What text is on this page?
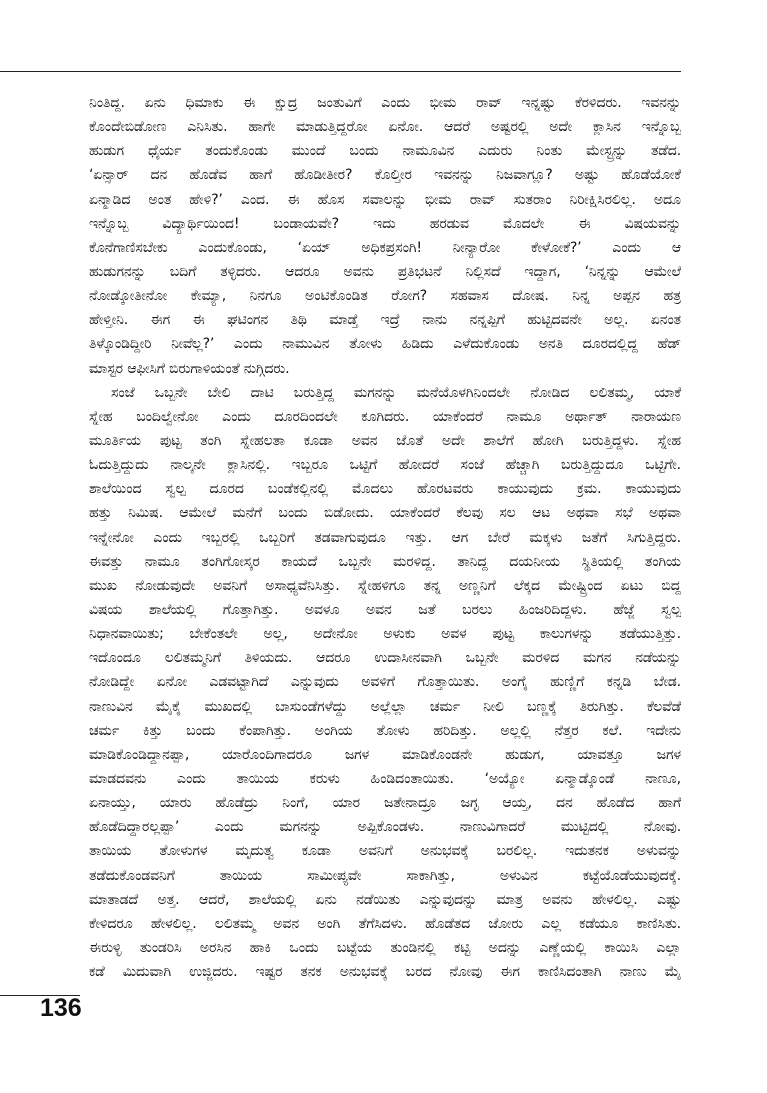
ನಿಂತಿದ್ದ. ಏನು ಧಿಮಾಕು ಈ ಕ್ಷುದ್ರ ಜಂತುವಿಗೆ ಎಂದು ಭೀಮ ರಾವ್ ಇನ್ನಷ್ಟು ಕೆರಳಿದರು. ಇವನನ್ನು
ಕೊಂದೇಬಿಡೋಣ ಎನಿಸಿತು. ಹಾಗೇ ಮಾಡುತ್ತಿದ್ದರೋ ಏನೋ. ಆದರೆ ಅಷ್ಟರಲ್ಲಿ ಅದೇ ಕ್ಲಾಸಿನ ಇನ್ನೊಬ್ಬ
ಹುಡುಗ ಧೈರ್ಯ ತಂದುಕೊಂಡು ಮುಂದೆ ಬಂದು ನಾಮೂವಿನ ಎದುರು ನಿಂತು ಮೇಸ್ಟ್ರನ್ನು ತಡೆದ.
‘ಏನ್ಸಾರ್ ದನ ಹೊಡೆವ ಹಾಗೆ ಹೊಡೀತೀರ? ಕೊಲ್ತೀರ ಇವನನ್ನು ನಿಜವಾಗ್ಲೂ? ಅಷ್ಟು ಹೊಡೆಯೋಕೆ
ಏನ್ಮಾಡಿದ ಅಂತ ಹೇಳಿ?’ ಎಂದ. ಈ ಹೊಸ ಸವಾಲನ್ನು ಭೀಮ ರಾವ್ ಸುತರಾಂ ನಿರೀಕ್ಷಿಸಿರಲಿಲ್ಲ. ಅದೂ
ಇನ್ನೊಬ್ಬ ವಿದ್ಯಾರ್ಥಿಯಿಂದ! ಬಂಡಾಯವೇ? ಇದು ಹರಡುವ ಮೊದಲೇ ಈ ವಿಷಯವನ್ನು
ಕೊನೆಗಾಣಿಸಬೇಕು ಎಂದುಕೊಂಡು, ‘ಏಯ್ ಅಧಿಕಪ್ರಸಂಗಿ! ನೀನ್ಯಾರೋ ಕೇಳೋಕೆ?’ ಎಂದು ಆ
ಹುಡುಗನನ್ನು ಬದಿಗೆ ತಳ್ಳಿದರು. ಆದರೂ ಅವನು ಪ್ರತಿಭಟನೆ ನಿಲ್ಲಿಸದೆ ಇದ್ದಾಗ, ‘ನಿನ್ನನ್ನು ಆಮೇಲೆ
ನೋಡ್ಕೋತೀನೋ ಕೇಮ್ಯಾ, ನಿನಗೂ ಅಂಟಿಕೊಂಡಿತ ರೋಗ? ಸಹವಾಸ ದೋಷ. ನಿನ್ನ ಅಪ್ಪನ ಹತ್ರ
ಹೇಳ್ತೀನಿ. ಈಗ ಈ ಘಟಿಂಗನ ತಿಥಿ ಮಾಡ್ತೆ ಇದ್ರೆ ನಾನು ನನ್ನಪ್ಪಿಗೆ ಹುಟ್ಟಿದವನೇ ಅಲ್ಲ. ಏನಂತ
ತಿಳ್ಕೊಂಡಿದ್ದೀರಿ ನೀವೆಲ್ಲ?’ ಎಂದು ನಾಮುವಿನ ತೋಳು ಹಿಡಿದು ಎಳೆದುಕೊಂಡು ಅನತಿ ದೂರದಲ್ಲಿದ್ದ ಹೆಡ್
ಮಾಸ್ಟರ ಆಫೀಸಿಗೆ ಬಿರುಗಾಳಿಯಂತೆ ನುಗ್ಗಿದರು.
ಸಂಜೆ ಒಬ್ಬನೇ ಬೇಲಿ ದಾಟಿ ಬರುತ್ತಿದ್ದ ಮಗನನ್ನು ಮನೆಯೊಳಗಿನಿಂದಲೇ ನೋಡಿದ ಲಲಿತಮ್ಮ, ಯಾಕೆ
ಸ್ನೇಹ ಬಂದಿಲ್ವೇನೋ ಎಂದು ದೂರದಿಂದಲೇ ಕೂಗಿದರು. ಯಾಕೆಂದರೆ ನಾಮೂ ಅರ್ಥಾತ್ ನಾರಾಯಣ
ಮೂರ್ತಿಯ ಪುಟ್ಟ ತಂಗಿ ಸ್ನೇಹಲತಾ ಕೂಡಾ ಅವನ ಜೊತೆ ಅದೇ ಶಾಲೆಗೆ ಹೋಗಿ ಬರುತ್ತಿದ್ದಳು. ಸ್ನೇಹ
ಓದುತ್ತಿದ್ದುದು ನಾಲ್ಕನೇ ಕ್ಲಾಸಿನಲ್ಲಿ. ಇಬ್ಬರೂ ಒಟ್ಟಿಗೆ ಹೋದರೆ ಸಂಜೆ ಹೆಚ್ಚಾಗಿ ಬರುತ್ತಿದ್ದುದೂ ಒಟ್ಟಿಗೇ.
ಶಾಲೆಯಿಂದ ಸ್ವಲ್ಪ ದೂರದ ಬಂಡೆಕಲ್ಲಿನಲ್ಲಿ ಮೊದಲು ಹೊರಟವರು ಕಾಯುವುದು ಕ್ರಮ. ಕಾಯುವುದು
ಹತ್ತು ನಿಮಿಷ. ಆಮೇಲೆ ಮನೆಗೆ ಬಂದು ಬಿಡೋದು. ಯಾಕೆಂದರೆ ಕೆಲವು ಸಲ ಆಟ ಅಥವಾ ಸಭೆ ಅಥವಾ
ಇನ್ನೇನೋ ಎಂದು ಇಬ್ಬರಲ್ಲಿ ಒಬ್ಬರಿಗೆ ತಡವಾಗುವುದೂ ಇತ್ತು. ಆಗ ಬೇರೆ ಮಕ್ಕಳು ಜತೆಗೆ ಸಿಗುತ್ತಿದ್ದರು.
ಈವತ್ತು ನಾಮೂ ತಂಗಿಗೋಸ್ಕರ ಕಾಯದೆ ಒಬ್ಬನೇ ಮರಳಿದ್ದ. ತಾನಿದ್ದ ದಯನೀಯ ಸ್ಥಿತಿಯಲ್ಲಿ ತಂಗಿಯ
ಮುಖ ನೋಡುವುದೇ ಅವನಿಗೆ ಅಸಾಧ್ಯವೆನಿಸಿತ್ತು. ಸ್ನೇಹಳಿಗೂ ತನ್ನ ಅಣ್ಣನಿಗೆ ಲೆಕ್ಕದ ಮೇಷ್ಟ್ರಿಂದ ಏಟು ಬಿದ್ದ
ವಿಷಯ ಶಾಲೆಯಲ್ಲಿ ಗೊತ್ತಾಗಿತ್ತು. ಅವಳೂ ಅವನ ಜತೆ ಬರಲು ಹಿಂಜರಿದಿದ್ದಳು. ಹೆಜ್ಜೆ ಸ್ವಲ್ಪ
ನಿಧಾನವಾಯಿತು; ಬೇಕೆಂತಲೇ ಅಲ್ಲ, ಅದೇನೋ ಅಳುಕು ಅವಳ ಪುಟ್ಟ ಕಾಲುಗಳನ್ನು ತಡೆಯುತ್ತಿತ್ತು.
ಇದೊಂದೂ ಲಲಿತಮ್ಮನಿಗೆ ತಿಳಿಯದು. ಆದರೂ ಉದಾಸೀನವಾಗಿ ಒಬ್ಬನೇ ಮರಳಿದ ಮಗನ ನಡೆಯನ್ನು
ನೋಡಿದ್ದೇ ಏನೋ ಎಡವಟ್ಟಾಗಿದೆ ಎನ್ನುವುದು ಅವಳಿಗೆ ಗೊತ್ತಾಯಿತು. ಅಂಗೈ ಹುಣ್ಣಿಗೆ ಕನ್ನಡಿ ಬೇಡ.
ನಾಣುವಿನ ಮೈಕೈ ಮುಖದಲ್ಲಿ ಬಾಸುಂಡೆಗಳೆದ್ದು ಅಲ್ಲೆಲ್ಲಾ ಚರ್ಮ ನೀಲಿ ಬಣ್ಣಕ್ಕೆ ತಿರುಗಿತ್ತು. ಕೆಲವೆಡೆ
ಚರ್ಮ ಕಿತ್ತು ಬಂದು ಕೆಂಪಾಗಿತ್ತು. ಅಂಗಿಯ ತೋಳು ಹರಿದಿತ್ತು. ಅಲ್ಲಲ್ಲಿ ನೆತ್ತರ ಕಲೆ. ಇದೇನು
ಮಾಡಿಕೊಂಡಿದ್ದಾನಪ್ಪಾ, ಯಾರೊಂದಿಗಾದರೂ ಜಗಳ ಮಾಡಿಕೊಂಡನೇ ಹುಡುಗ, ಯಾವತ್ತೂ ಜಗಳ
ಮಾಡದವನು ಎಂದು ತಾಯಿಯ ಕರುಳು ಹಿಂಡಿದಂತಾಯಿತು. ‘ಅಯ್ಯೋ ಏನ್ಮಾಡ್ಕೊಂಡೆ ನಾಣೂ,
ಏನಾಯ್ತು, ಯಾರು ಹೊಡೆದ್ರು ನಿಂಗೆ, ಯಾರ ಜತೇನಾದ್ರೂ ಜಗ್ಳ ಆಯ್ತ, ದನ ಹೊಡೆದ ಹಾಗೆ
ಹೊಡೆದಿದ್ದಾರಲ್ಲಪ್ಪಾ’ ಎಂದು ಮಗನನ್ನು ಅಪ್ಪಿಕೊಂಡಳು. ನಾಣುವಿಗಾದರೆ ಮುಟ್ಟಿದಲ್ಲಿ ನೋವು.
ತಾಯಿಯ ತೋಳುಗಳ ಮೃದುತ್ವ ಕೂಡಾ ಅವನಿಗೆ ಅನುಭವಕ್ಕೆ ಬರಲಿಲ್ಲ. ಇದುತನಕ ಅಳುವನ್ನು
ತಡೆದುಕೊಂಡವನಿಗೆ ತಾಯಿಯ ಸಾಮೀಪ್ಯವೇ ಸಾಕಾಗಿತ್ತು, ಅಳುವಿನ ಕಟ್ಟೆಯೊಡೆಯುವುದಕ್ಕೆ.
ಮಾತಾಡದೆ ಅತ್ತ. ಆದರೆ, ಶಾಲೆಯಲ್ಲಿ ಏನು ನಡೆಯಿತು ಎನ್ನುವುದನ್ನು ಮಾತ್ರ ಅವನು ಹೇಳಲಿಲ್ಲ. ಎಷ್ಟು
ಕೇಳಿದರೂ ಹೇಳಲಿಲ್ಲ. ಲಲಿತಮ್ಮ ಅವನ ಅಂಗಿ ತೆಗೆಸಿದಳು. ಹೊಡೆತದ ಜೋರು ಎಲ್ಲ ಕಡೆಯೂ ಕಾಣಿಸಿತು.
ಈರುಳ್ಳಿ ತುಂಡರಿಸಿ ಅರಸಿನ ಹಾಕಿ ಒಂದು ಬಟ್ಟೆಯ ತುಂಡಿನಲ್ಲಿ ಕಟ್ಟಿ ಅದನ್ನು ಎಣ್ಣೆಯಲ್ಲಿ ಕಾಯಿಸಿ ಎಲ್ಲಾ
ಕಡೆ ಮಿದುವಾಗಿ ಉಜ್ಜಿದರು. ಇಷ್ಟರ ತನಕ ಅನುಭವಕ್ಕೆ ಬರದ ನೋವು ಈಗ ಕಾಣಿಸಿದಂತಾಗಿ ನಾಣು ಮೈ
136
